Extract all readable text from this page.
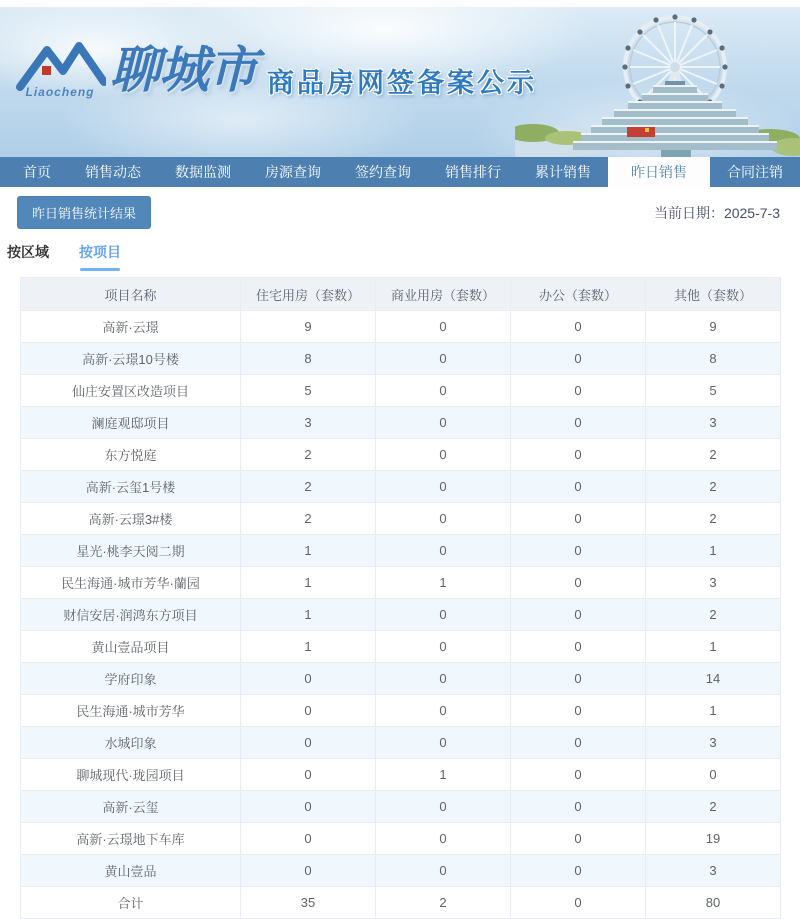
Liaocheng 聊城市 商品房网签备案公示
首页	销售动态	数据监测	房源查询	签约查询	销售排行	累计销售	昨日销售	合同注销
昨日销售统计结果	当前日期：2025-7-3
按区域 按项目
项目名称	住宅用房（套数）	商业用房（套数）	办公（套数）	其他（套数）
高新·云璟	9	0	0	9
高新·云璟10号楼	8	0	0	8
仙庄安置区改造项目	5	0	0	5
澜庭观邸项目	3	0	0	3
东方悦庭	2	0	0	2
高新·云玺1号楼	2	0	0	2
高新·云璟3#楼	2	0	0	2
星光·桃李天阅二期	1	0	0	1
民生海通·城市芳华·蘭园	1	1	0	3
财信安居·润鸿东方项目	1	0	0	2
黄山壹品项目	1	0	0	1
学府印象	0	0	0	14
民生海通·城市芳华	0	0	0	1
水城印象	0	0	0	3
聊城现代·珑园项目	0	1	0	0
高新·云玺	0	0	0	2
高新·云璟地下车库	0	0	0	19
黄山壹品	0	0	0	3
合计	35	2	0	80
